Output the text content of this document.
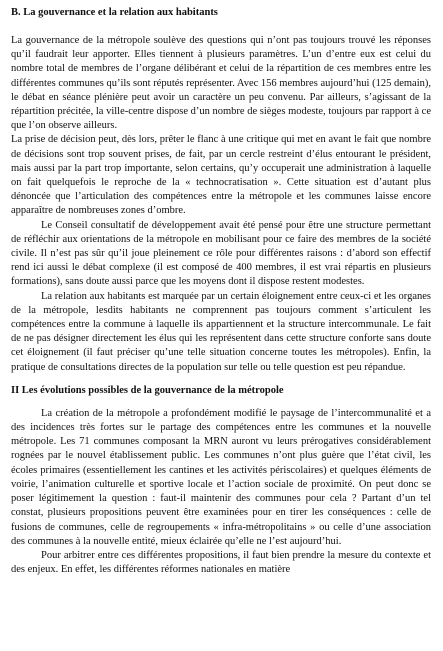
B. La gouvernance et la relation aux habitants

La gouvernance de la métropole soulève des questions qui n’ont pas toujours trouvé les réponses qu’il faudrait leur apporter. Elles tiennent à plusieurs paramètres. L’un d’entre eux est celui du nombre total de membres de l’organe délibérant et celui de la répartition de ces membres entre les différentes communes qu’ils sont réputés représenter. Avec 156 membres aujourd’hui (125 demain), le débat en séance plénière peut avoir un caractère un peu convenu. Par ailleurs, s’agissant de la répartition précitée, la ville-centre dispose d’un nombre de sièges modeste, toujours par rapport à ce que l’on observe ailleurs.

La prise de décision peut, dès lors, prêter le flanc à une critique qui met en avant le fait que nombre de décisions sont trop souvent prises, de fait, par un cercle restreint d’élus entourant le président, mais aussi par la part trop importante, selon certains, qu’y occuperait une administration à laquelle on fait quelquefois le reproche de la « technocratisation ». Cette situation est d’autant plus dénoncée que l’articulation des compétences entre la métropole et les communes laisse encore apparaître de nombreuses zones d’ombre.

Le Conseil consultatif de développement avait été pensé pour être une structure permettant de réfléchir aux orientations de la métropole en mobilisant pour ce faire des membres de la société civile. Il n’est pas sûr qu’il joue pleinement ce rôle pour différentes raisons : d’abord son effectif rend ici aussi le débat complexe (il est composé de 400 membres, il est vrai répartis en plusieurs formations), sans doute aussi parce que les moyens dont il dispose restent modestes.

La relation aux habitants est marquée par un certain éloignement entre ceux-ci et les organes de la métropole, lesdits habitants ne comprennent pas toujours comment s’articulent les compétences entre la commune à laquelle ils appartiennent et la structure intercommunale. Le fait de ne pas désigner directement les élus qui les représentent dans cette structure conforte sans doute cet éloignement (il faut préciser qu’une telle situation concerne toutes les métropoles). Enfin, la pratique de consultations directes de la population sur telle ou telle question est peu répandue.

II Les évolutions possibles de la gouvernance de la métropole

La création de la métropole a profondément modifié le paysage de l’intercommunalité et a des incidences très fortes sur le partage des compétences entre les communes et la nouvelle métropole. Les 71 communes composant la MRN auront vu leurs prérogatives considérablement rognées par le nouvel établissement public. Les communes n’ont plus guère que l’état civil, les écoles primaires (essentiellement les cantines et les activités périscolaires) et quelques éléments de voirie, l’animation culturelle et sportive locale et l’action sociale de proximité. On peut donc se poser légitimement la question : faut-il maintenir des communes pour cela ? Partant d’un tel constat, plusieurs propositions peuvent être examinées pour en tirer les conséquences : celle de fusions de communes, celle de regroupements « infra-métropolitains » ou celle d’une association des communes à la nouvelle entité, mieux éclairée qu’elle ne l’est aujourd’hui.

Pour arbitrer entre ces différentes propositions, il faut bien prendre la mesure du contexte et des enjeux. En effet, les différentes réformes nationales en matière
